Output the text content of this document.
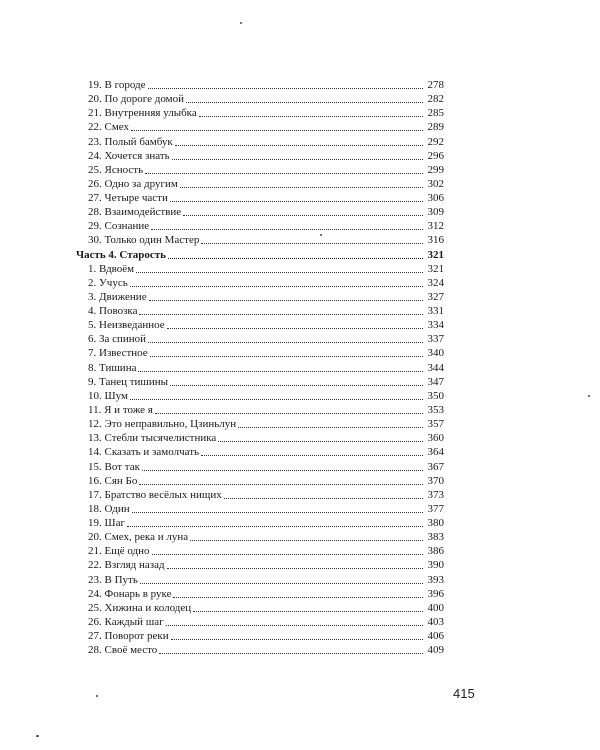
19. В городе	278
20. По дороге домой	282
21. Внутренняя улыбка	285
22. Смех	289
23. Полый бамбук	292
24. Хочется знать	296
25. Ясность	299
26. Одно за другим	302
27. Четыре части	306
28. Взаимодействие	309
29. Сознание	312
30. Только один Мастер	316
Часть 4. Старость	321
1. Вдвоём	321
2. Учусь	324
3. Движение	327
4. Повозка	331
5. Неизведанное	334
6. За спиной	337
7. Известное	340
8. Тишина	344
9. Танец тишины	347
10. Шум	350
11. Я и тоже я	353
12. Это неправильно, Цзиньлун	357
13. Стебли тысячелистника	360
14. Сказать и замолчать	364
15. Вот так	367
16. Сян Бо	370
17. Братство весёлых нищих	373
18. Один	377
19. Шаг	380
20. Смех, река и луна	383
21. Ещё одно	386
22. Взгляд назад	390
23. В Путь	393
24. Фонарь в руке	396
25. Хижина и колодец	400
26. Каждый шаг	403
27. Поворот реки	406
28. Своё место	409
415
